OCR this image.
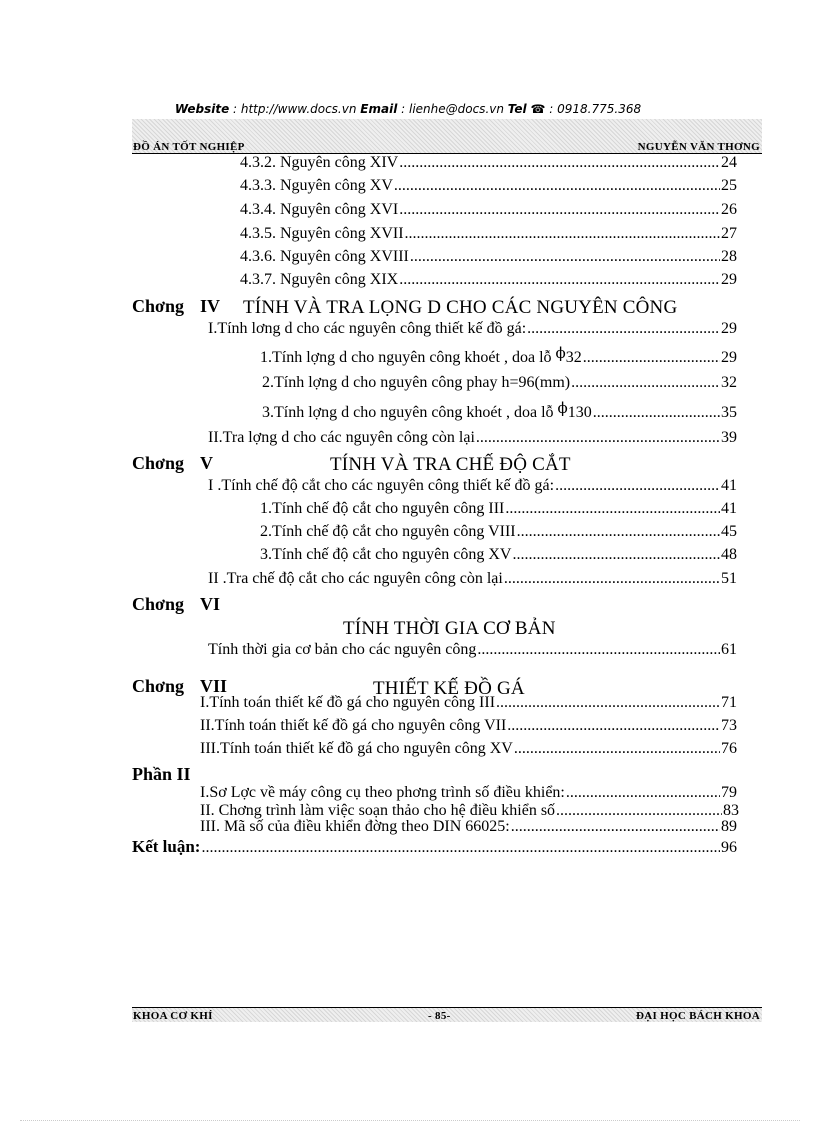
Website : http://www.docs.vn Email : lienhe@docs.vn Tel ☎ : 0918.775.368
ĐỒ ÁN TỐT NGHIỆP	NGUYỄN VĂN THƠNG
4.3.2. Nguyên công XIV .....	24
4.3.3. Nguyên công XV .....	25
4.3.4. Nguyên công XVI .....	26
4.3.5. Nguyên công XVII .....	27
4.3.6. Nguyên công XVIII .....	28
4.3.7. Nguyên công XIX .....	29
Chơng IV TÍNH VÀ TRA LỌNG D CHO CÁC NGUYÊN CÔNG
I.Tính lơng d cho các nguyên công thiết kế đồ gá: .....	29
1.Tính lợng d cho nguyên công khoét , doa lỗ ϕ32 .....	29
2.Tính lợng d cho nguyên công phay h=96(mm) .....	32
3.Tính lợng d cho nguyên công khoét , doa lỗ ϕ130 .....	35
II.Tra lợng d cho các nguyên công còn lại .....	39
Chơng V	TÍNH VÀ TRA CHẾ ĐỘ CẮT
I .Tính chế độ cắt cho các nguyên công thiết kế đồ gá: .....	41
1.Tính chế độ cắt cho nguyên công III .....	41
2.Tính chế độ cắt cho nguyên công VIII .....	45
3.Tính chế độ cắt cho nguyên công XV .....	48
II .Tra chế độ cắt cho các nguyên công còn lại .....	51
Chơng VI
TÍNH THỜI GIA CƠ BẢN
Tính thời gia cơ bản cho các nguyên công .....	61
Chơng VII	THIẾT KẾ ĐỒ GÁ
I.Tính toán thiết kế đồ gá cho nguyên công III .....	71
II.Tính toán thiết kế đồ gá cho nguyên công VII .....	73
III.Tính toán thiết kế đồ gá cho nguyên công XV .....	76
Phần II
I.Sơ Lợc về máy công cụ theo phơng trình số điều khiển: .....	79
II. Chơng trình làm việc soạn thảo cho hệ điều khiển số .....	83
III. Mã số của điều khiển đờng theo DIN 66025: .....	89
Kết luận: .....	96
KHOA CƠ KHÍ	- 85-	ĐẠI HỌC BÁCH KHOA
